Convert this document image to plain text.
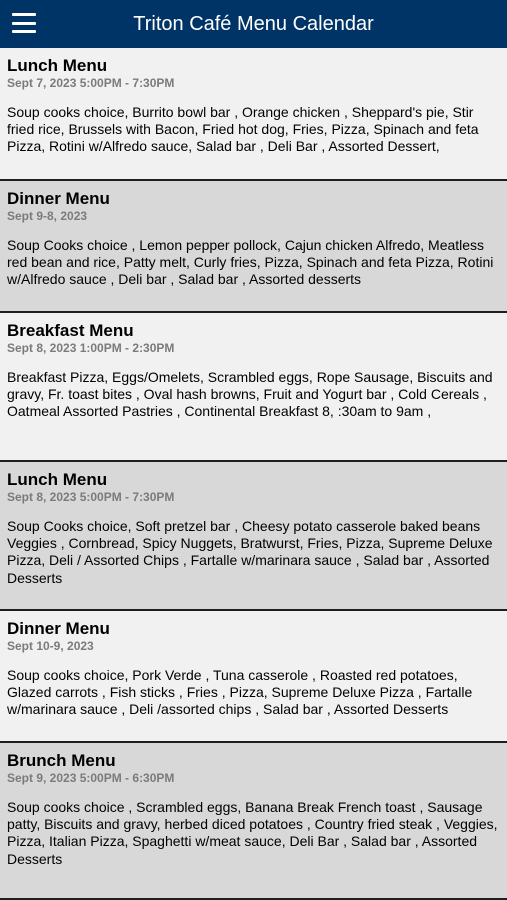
Triton Café Menu Calendar
Lunch Menu
Sept 7, 2023 5:00PM - 7:30PM
Soup cooks choice, Burrito bowl bar , Orange chicken , Sheppard's pie, Stir fried rice, Brussels with Bacon, Fried hot dog, Fries, Pizza, Spinach and feta Pizza, Rotini w/Alfredo sauce, Salad bar , Deli Bar , Assorted Dessert,
Dinner Menu
Sept 9-8, 2023
Soup Cooks choice , Lemon pepper pollock, Cajun chicken Alfredo, Meatless red bean and rice, Patty melt, Curly fries, Pizza, Spinach and feta Pizza, Rotini w/Alfredo sauce , Deli bar , Salad bar , Assorted desserts
Breakfast Menu
Sept 8, 2023 1:00PM - 2:30PM
Breakfast Pizza, Eggs/Omelets, Scrambled eggs, Rope Sausage, Biscuits and gravy, Fr. toast bites , Oval hash browns, Fruit and Yogurt bar , Cold Cereals , Oatmeal Assorted Pastries , Continental Breakfast 8, :30am to 9am ,
Lunch Menu
Sept 8, 2023 5:00PM - 7:30PM
Soup Cooks choice, Soft pretzel bar , Cheesy potato casserole baked beans Veggies , Cornbread, Spicy Nuggets, Bratwurst, Fries, Pizza, Supreme Deluxe Pizza, Deli / Assorted Chips , Fartalle w/marinara sauce , Salad bar , Assorted Desserts
Dinner Menu
Sept 10-9, 2023
Soup cooks choice, Pork Verde , Tuna casserole , Roasted red potatoes, Glazed carrots , Fish sticks , Fries , Pizza, Supreme Deluxe Pizza , Fartalle w/marinara sauce , Deli /assorted chips , Salad bar , Assorted Desserts
Brunch Menu
Sept 9, 2023 5:00PM - 6:30PM
Soup cooks choice , Scrambled eggs, Banana Break French toast , Sausage patty, Biscuits and gravy, herbed diced potatoes , Country fried steak , Veggies, Pizza, Italian Pizza, Spaghetti w/meat sauce, Deli Bar , Salad bar , Assorted Desserts
